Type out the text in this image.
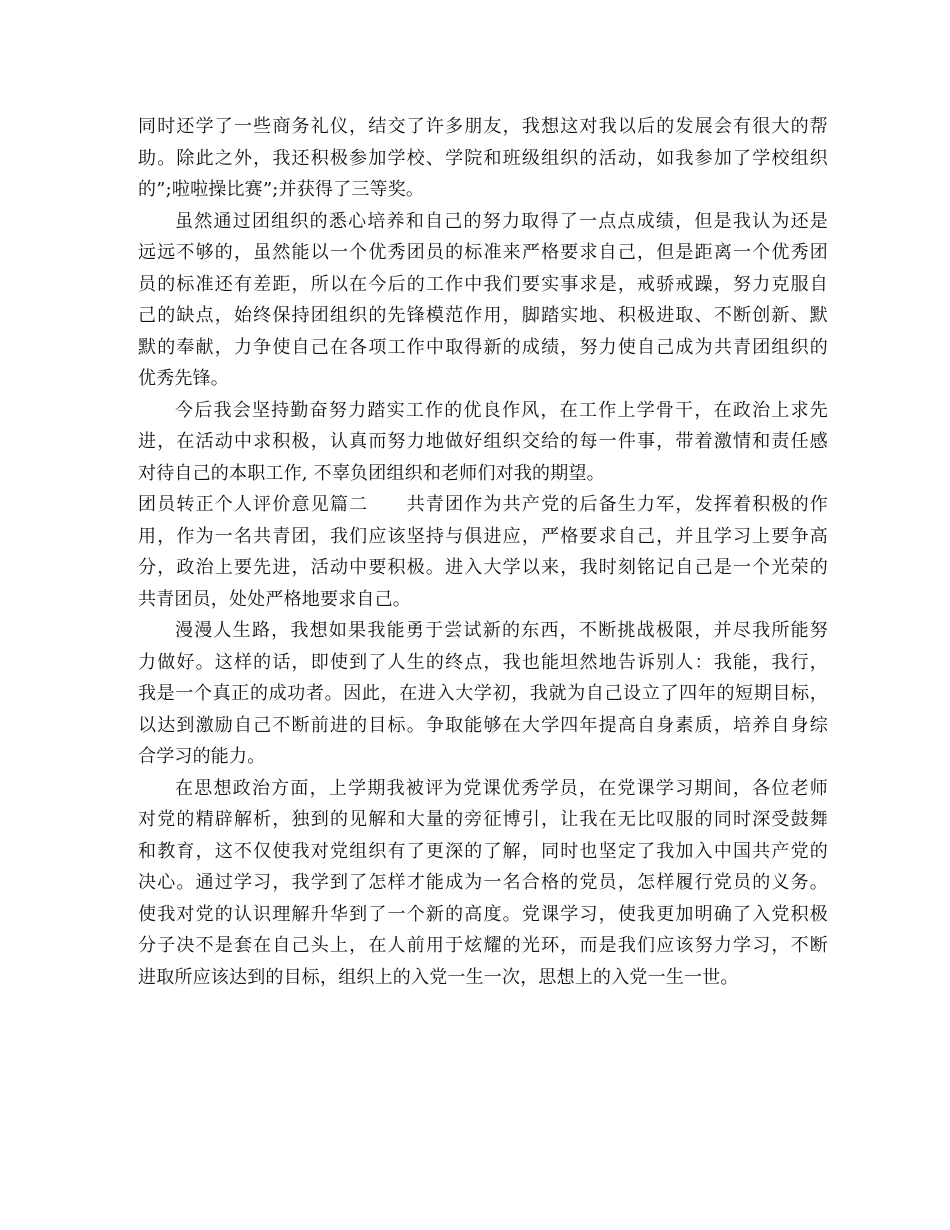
同时还学了一些商务礼仪，结交了许多朋友，我想这对我以后的发展会有很大的帮
助。除此之外，我还积极参加学校、学院和班级组织的活动，如我参加了学校组织
的”;啦啦操比赛”;并获得了三等奖。
虽然通过团组织的悉心培养和自己的努力取得了一点点成绩，但是我认为还是
远远不够的，虽然能以一个优秀团员的标准来严格要求自己，但是距离一个优秀团
员的标准还有差距，所以在今后的工作中我们要实事求是，戒骄戒躁，努力克服自
己的缺点，始终保持团组织的先锋模范作用，脚踏实地、积极进取、不断创新、默
默的奉献，力争使自己在各项工作中取得新的成绩，努力使自己成为共青团组织的
优秀先锋。
今后我会坚持勤奋努力踏实工作的优良作风，在工作上学骨干，在政治上求先
进，在活动中求积极，认真而努力地做好组织交给的每一件事，带着激情和责任感
对待自己的本职工作, 不辜负团组织和老师们对我的期望。
团员转正个人评价意见篇二　　共青团作为共产党的后备生力军，发挥着积极的作
用，作为一名共青团，我们应该坚持与俱进应，严格要求自己，并且学习上要争高
分，政治上要先进，活动中要积极。进入大学以来，我时刻铭记自己是一个光荣的
共青团员，处处严格地要求自己。
漫漫人生路，我想如果我能勇于尝试新的东西，不断挑战极限，并尽我所能努
力做好。这样的话，即使到了人生的终点，我也能坦然地告诉别人：我能，我行，
我是一个真正的成功者。因此，在进入大学初，我就为自己设立了四年的短期目标，
以达到激励自己不断前进的目标。争取能够在大学四年提高自身素质，培养自身综
合学习的能力。
在思想政治方面，上学期我被评为党课优秀学员，在党课学习期间，各位老师
对党的精辟解析，独到的见解和大量的旁征博引，让我在无比叹服的同时深受鼓舞
和教育，这不仅使我对党组织有了更深的了解，同时也坚定了我加入中国共产党的
决心。通过学习，我学到了怎样才能成为一名合格的党员，怎样履行党员的义务。
使我对党的认识理解升华到了一个新的高度。党课学习，使我更加明确了入党积极
分子决不是套在自己头上，在人前用于炫耀的光环，而是我们应该努力学习，不断
进取所应该达到的目标，组织上的入党一生一次，思想上的入党一生一世。
